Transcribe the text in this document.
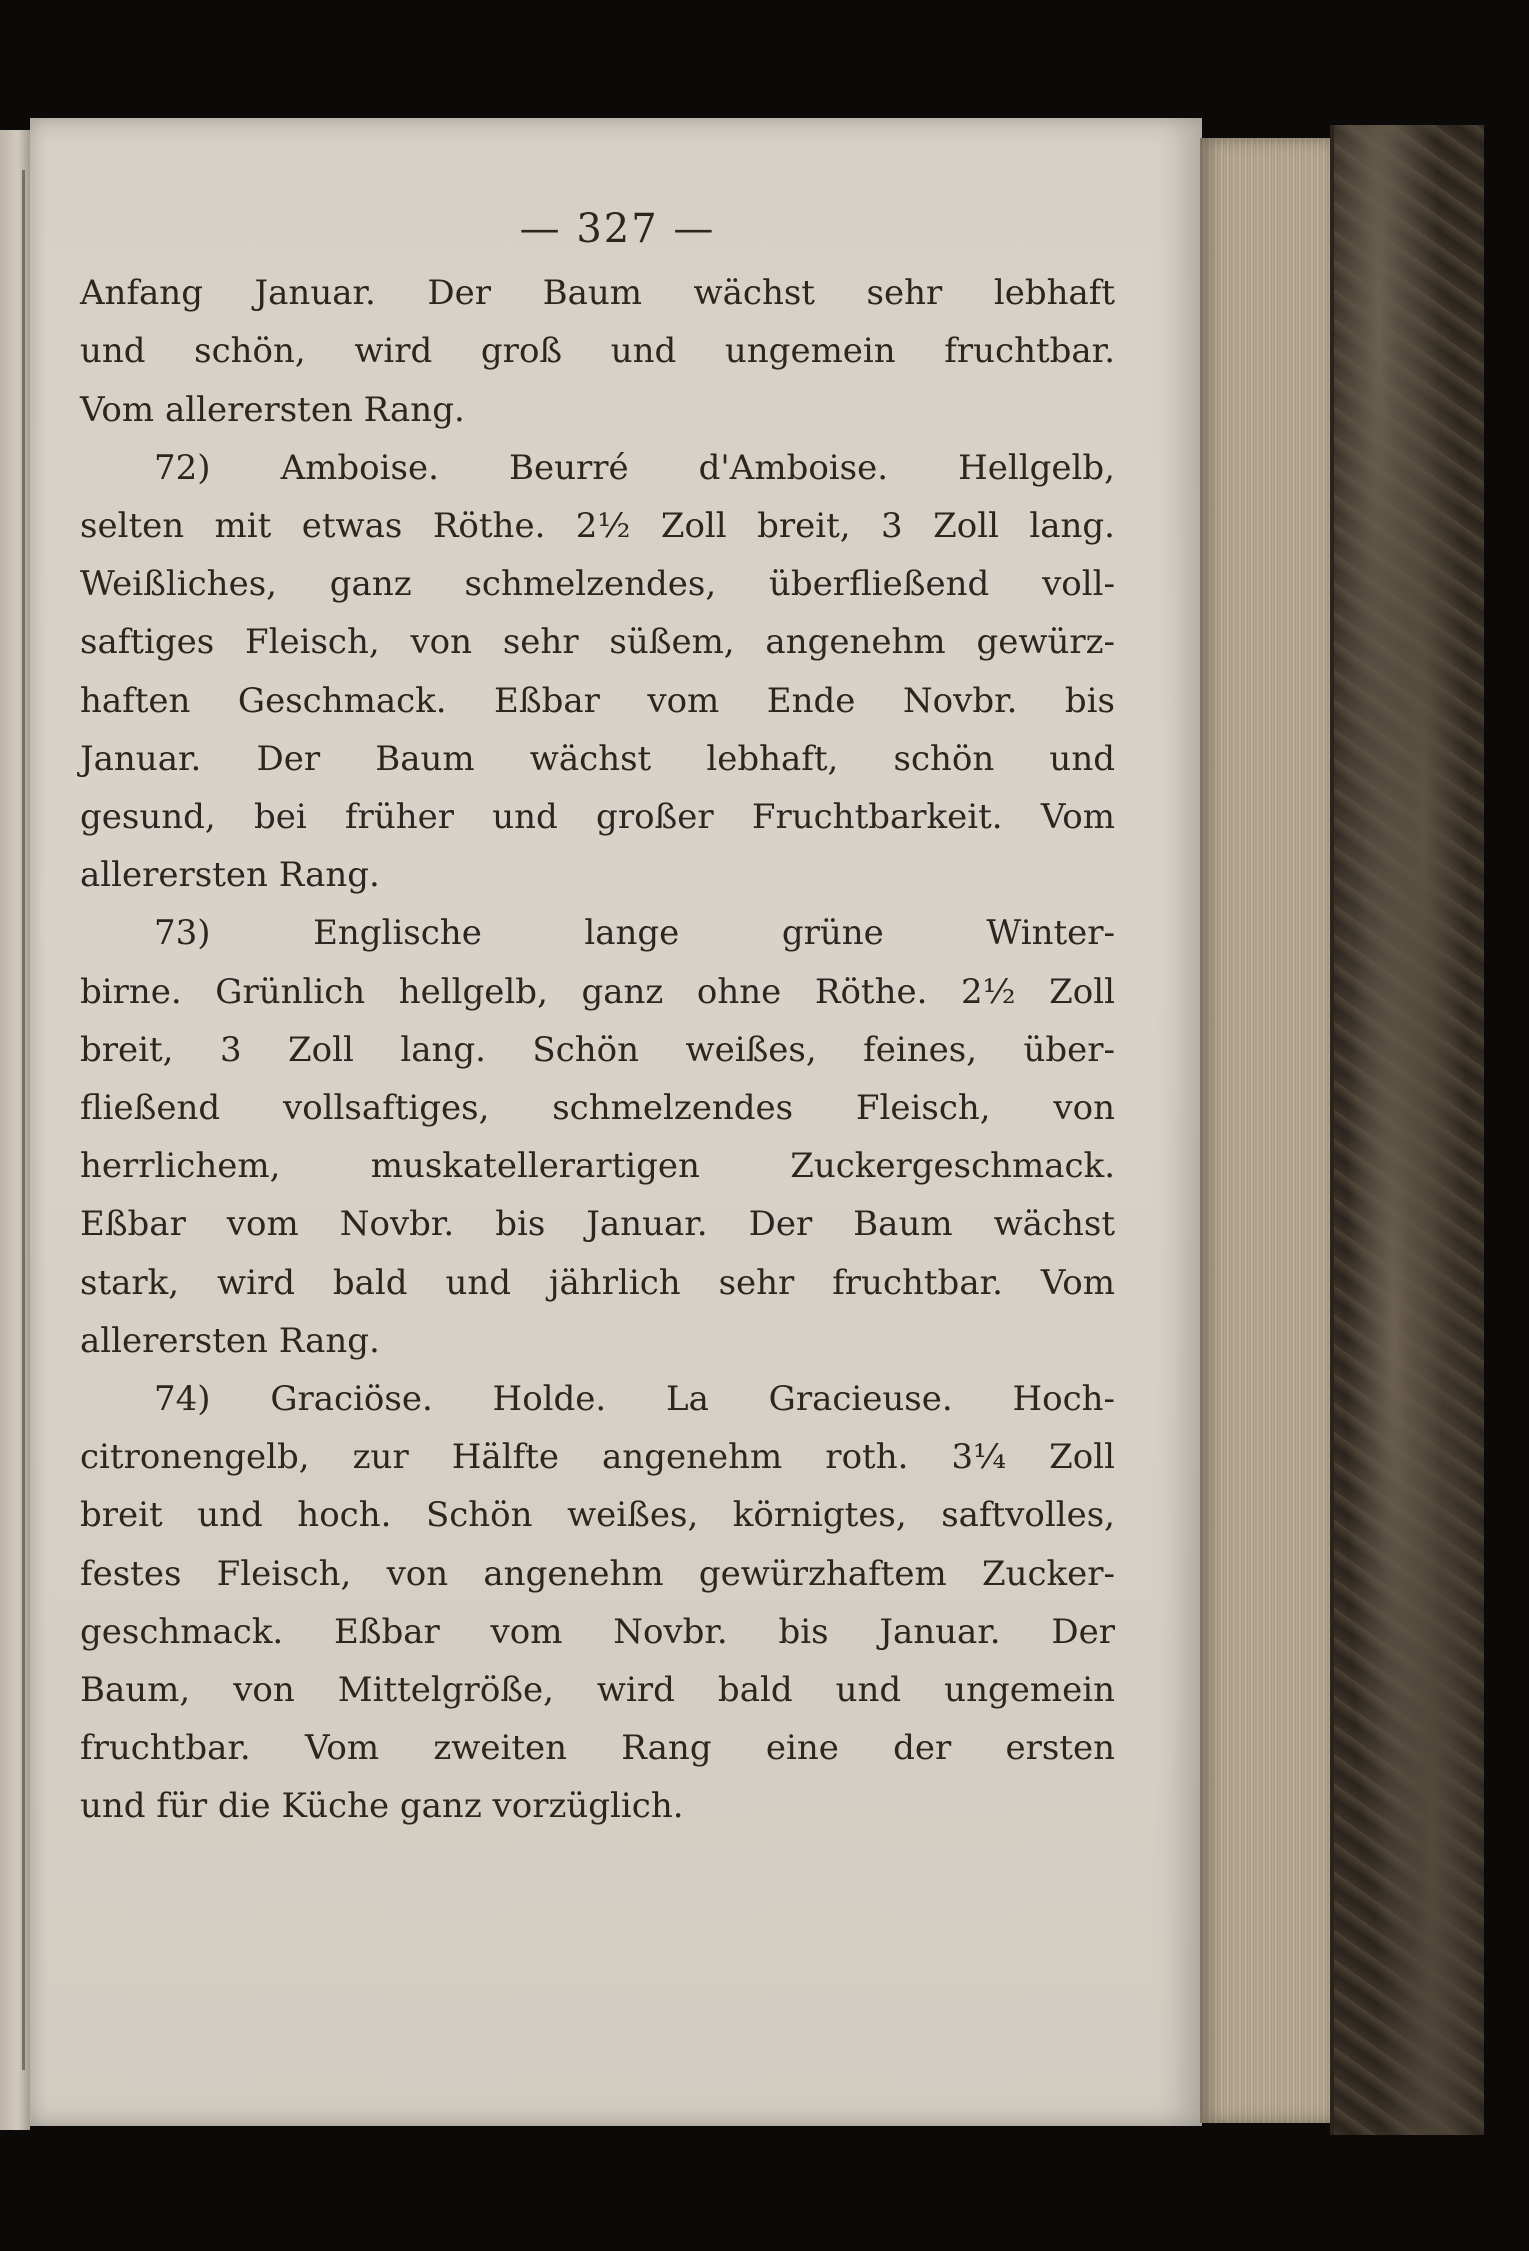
— 327 —
Anfang Januar. Der Baum wächst sehr lebhaft
und schön, wird groß und ungemein fruchtbar.
Vom allerersten Rang.
72) Amboise. Beurré d'Amboise. Hellgelb,
selten mit etwas Röthe. 2½ Zoll breit, 3 Zoll lang.
Weißliches, ganz schmelzendes, überfließend voll-
saftiges Fleisch, von sehr süßem, angenehm gewürz-
haften Geschmack. Eßbar vom Ende Novbr. bis
Januar. Der Baum wächst lebhaft, schön und
gesund, bei früher und großer Fruchtbarkeit. Vom
allerersten Rang.
73) Englische lange grüne Winter-
birne. Grünlich hellgelb, ganz ohne Röthe. 2½ Zoll
breit, 3 Zoll lang. Schön weißes, feines, über-
fließend vollsaftiges, schmelzendes Fleisch, von
herrlichem, muskatellerartigen Zuckergeschmack.
Eßbar vom Novbr. bis Januar. Der Baum wächst
stark, wird bald und jährlich sehr fruchtbar. Vom
allerersten Rang.
74) Graciöse. Holde. La Gracieuse. Hoch-
citronengelb, zur Hälfte angenehm roth. 3¼ Zoll
breit und hoch. Schön weißes, körnigtes, saftvolles,
festes Fleisch, von angenehm gewürzhaftem Zucker-
geschmack. Eßbar vom Novbr. bis Januar. Der
Baum, von Mittelgröße, wird bald und ungemein
fruchtbar. Vom zweiten Rang eine der ersten
und für die Küche ganz vorzüglich.
